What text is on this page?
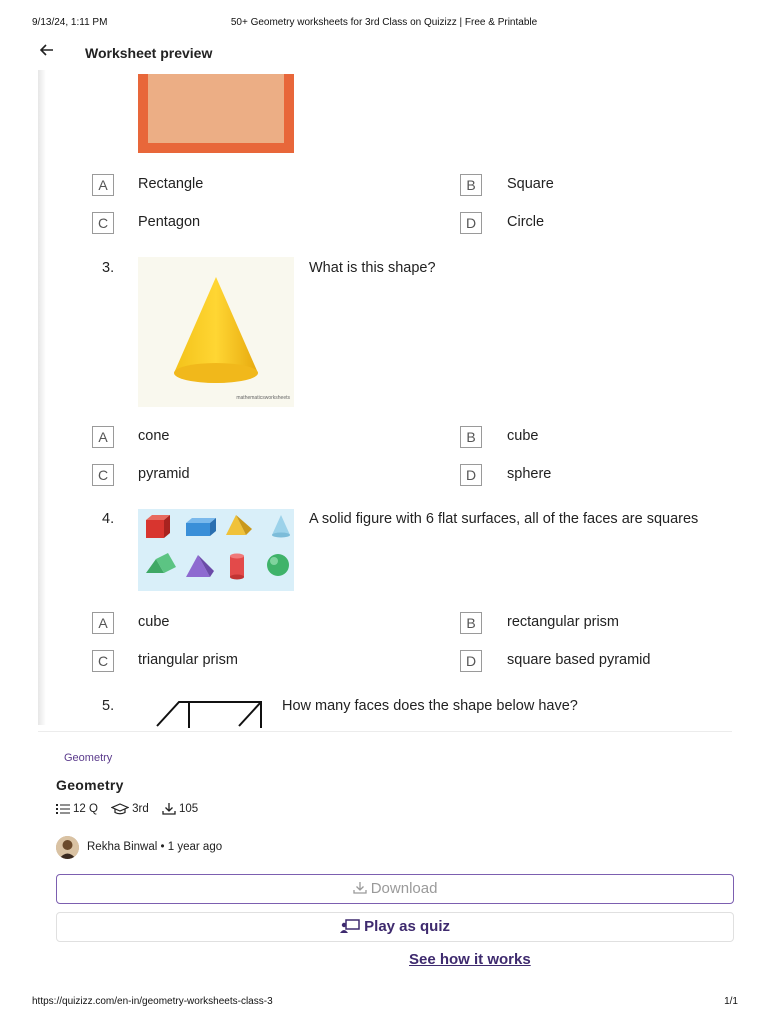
9/13/24, 1:11 PM	50+ Geometry worksheets for 3rd Class on Quizizz | Free & Printable
Worksheet preview
A	Rectangle	B	Square
C	Pentagon	D	Circle
3.
mathematicsworksheets
What is this shape?
A	cone	B	cube
C	pyramid	D	sphere
4.	A solid figure with 6 flat surfaces, all of the faces are squares
A	cube	B	rectangular prism
C	triangular prism	D	square based pyramid
5.	How many faces does the shape below have?
Geometry
Geometry
12 Q
	3rd
	105
Rekha Binwal • 1 year ago
Download
Play as quiz
See how it works
https://quizizz.com/en-in/geometry-worksheets-class-3	1/1
